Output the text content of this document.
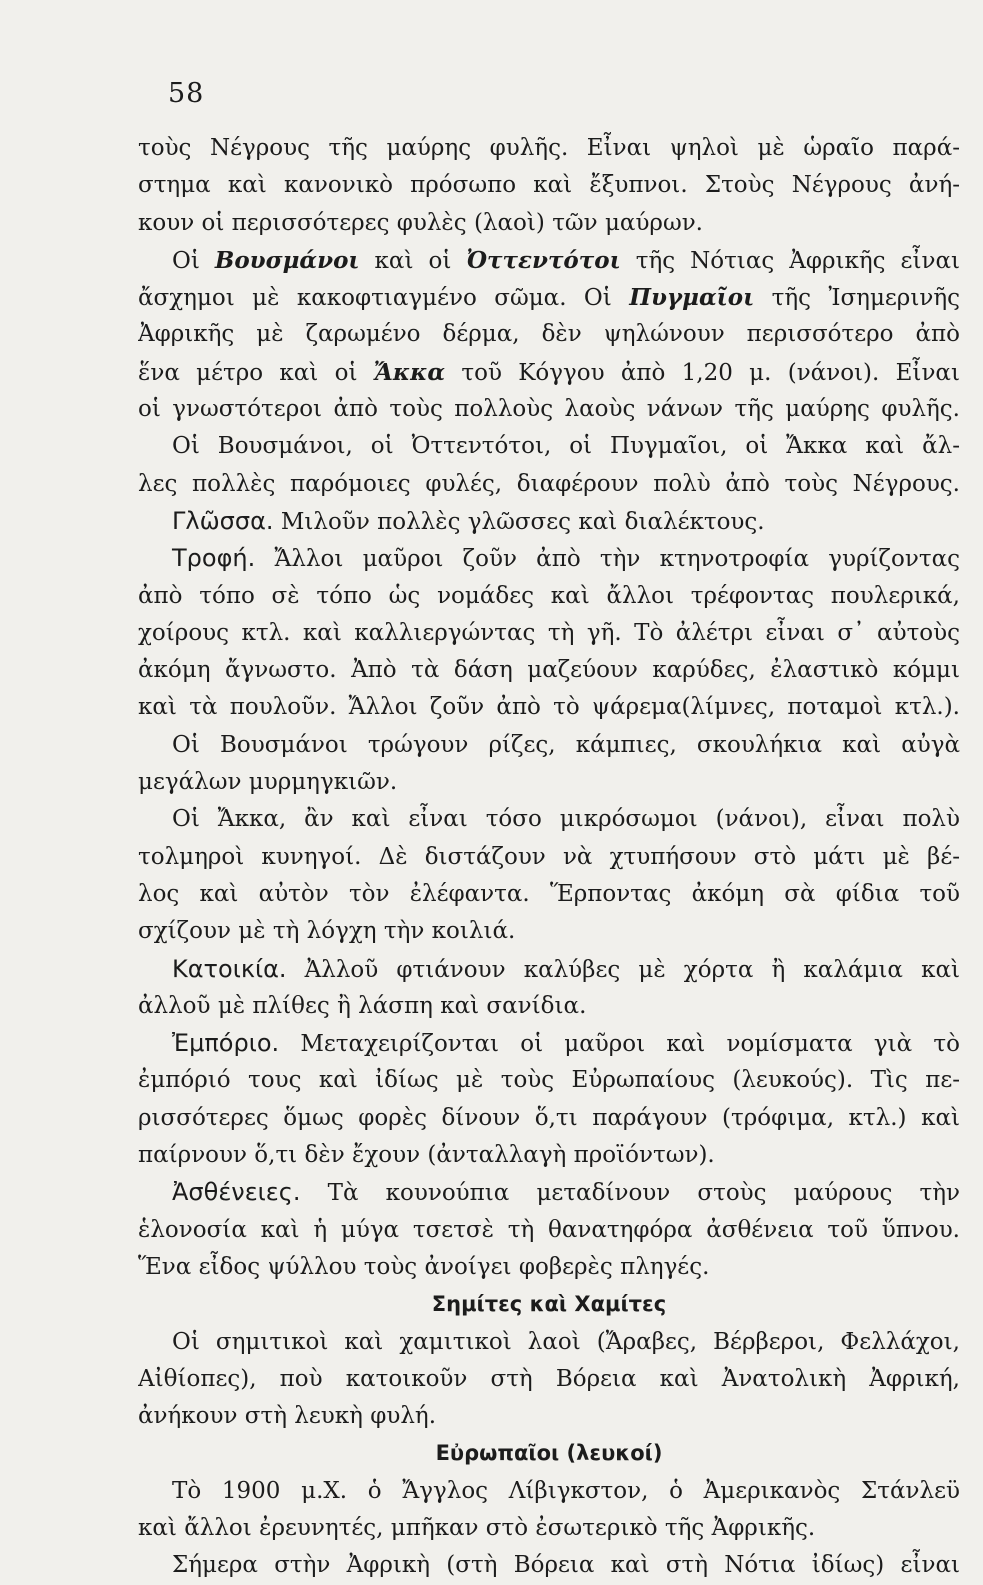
58
τοὺς Νέγρους τῆς μαύρης φυλῆς. Εἶναι ψηλοὶ μὲ ὡραῖο παρά-
στημα καὶ κανονικὸ πρόσωπο καὶ ἔξυπνοι. Στοὺς Νέγρους ἀνή-
κουν οἱ περισσότερες φυλὲς (λαοὶ) τῶν μαύρων.
Οἱ Βουσμάνοι καὶ οἱ Ὀττεντότοι τῆς Νότιας Ἀφρικῆς εἶναι
ἄσχημοι μὲ κακοφτιαγμένο σῶμα. Οἱ Πυγμαῖοι τῆς Ἰσημερινῆς
Ἀφρικῆς μὲ ζαρωμένο δέρμα, δὲν ψηλώνουν περισσότερο ἀπὸ
ἕνα μέτρο καὶ οἱ Ἄκκα τοῦ Κόγγου ἀπὸ 1,20 μ. (νάνοι). Εἶναι
οἱ γνωστότεροι ἀπὸ τοὺς πολλοὺς λαοὺς νάνων τῆς μαύρης φυλῆς.
Οἱ Βουσμάνοι, οἱ Ὀττεντότοι, οἱ Πυγμαῖοι, οἱ Ἄκκα καὶ ἄλ-
λες πολλὲς παρόμοιες φυλές, διαφέρουν πολὺ ἀπὸ τοὺς Νέγρους.
Γλῶσσα. Μιλοῦν πολλὲς γλῶσσες καὶ διαλέκτους.
Τροφή. Ἄλλοι μαῦροι ζοῦν ἀπὸ τὴν κτηνοτροφία γυρίζοντας
ἀπὸ τόπο σὲ τόπο ὡς νομάδες καὶ ἄλλοι τρέφοντας πουλερικά,
χοίρους κτλ. καὶ καλλιεργώντας τὴ γῆ. Τὸ ἀλέτρι εἶναι σ᾽ αὐτοὺς
ἀκόμη ἄγνωστο. Ἀπὸ τὰ δάση μαζεύουν καρύδες, ἐλαστικὸ κόμμι
καὶ τὰ πουλοῦν. Ἄλλοι ζοῦν ἀπὸ τὸ ψάρεμα(λίμνες, ποταμοὶ κτλ.).
Οἱ Βουσμάνοι τρώγουν ρίζες, κάμπιες, σκουλήκια καὶ αὐγὰ
μεγάλων μυρμηγκιῶν.
Οἱ Ἄκκα, ἂν καὶ εἶναι τόσο μικρόσωμοι (νάνοι), εἶναι πολὺ
τολμηροὶ κυνηγοί. Δὲ διστάζουν νὰ χτυπήσουν στὸ μάτι μὲ βέ-
λος καὶ αὐτὸν τὸν ἐλέφαντα. Ἕρποντας ἀκόμη σὰ φίδια τοῦ
σχίζουν μὲ τὴ λόγχη τὴν κοιλιά.
Κατοικία. Ἀλλοῦ φτιάνουν καλύβες μὲ χόρτα ἢ καλάμια καὶ
ἀλλοῦ μὲ πλίθες ἢ λάσπη καὶ σανίδια.
Ἐμπόριο. Μεταχειρίζονται οἱ μαῦροι καὶ νομίσματα γιὰ τὸ
ἐμπόριό τους καὶ ἰδίως μὲ τοὺς Εὐρωπαίους (λευκούς). Τὶς πε-
ρισσότερες ὅμως φορὲς δίνουν ὅ,τι παράγουν (τρόφιμα, κτλ.) καὶ
παίρνουν ὅ,τι δὲν ἔχουν (ἀνταλλαγὴ προϊόντων).
Ἀσθένειες. Τὰ κουνούπια μεταδίνουν στοὺς μαύρους τὴν
ἑλονοσία καὶ ἡ μύγα τσετσὲ τὴ θανατηφόρα ἀσθένεια τοῦ ὕπνου.
Ἕνα εἶδος ψύλλου τοὺς ἀνοίγει φοβερὲς πληγές.
Σημίτες καὶ Χαμίτες
Οἱ σημιτικοὶ καὶ χαμιτικοὶ λαοὶ (Ἄραβες, Βέρβεροι, Φελλάχοι,
Αἰθίοπες), ποὺ κατοικοῦν στὴ Βόρεια καὶ Ἀνατολικὴ Ἀφρική,
ἀνήκουν στὴ λευκὴ φυλή.
Εὐρωπαῖοι (λευκοί)
Τὸ 1900 μ.Χ. ὁ Ἄγγλος Λίβιγκστον, ὁ Ἀμερικανὸς Στάνλεϋ
καὶ ἄλλοι ἐρευνητές, μπῆκαν στὸ ἐσωτερικὸ τῆς Ἀφρικῆς.
Σήμερα στὴν Ἀφρικὴ (στὴ Βόρεια καὶ στὴ Νότια ἰδίως) εἶναι
